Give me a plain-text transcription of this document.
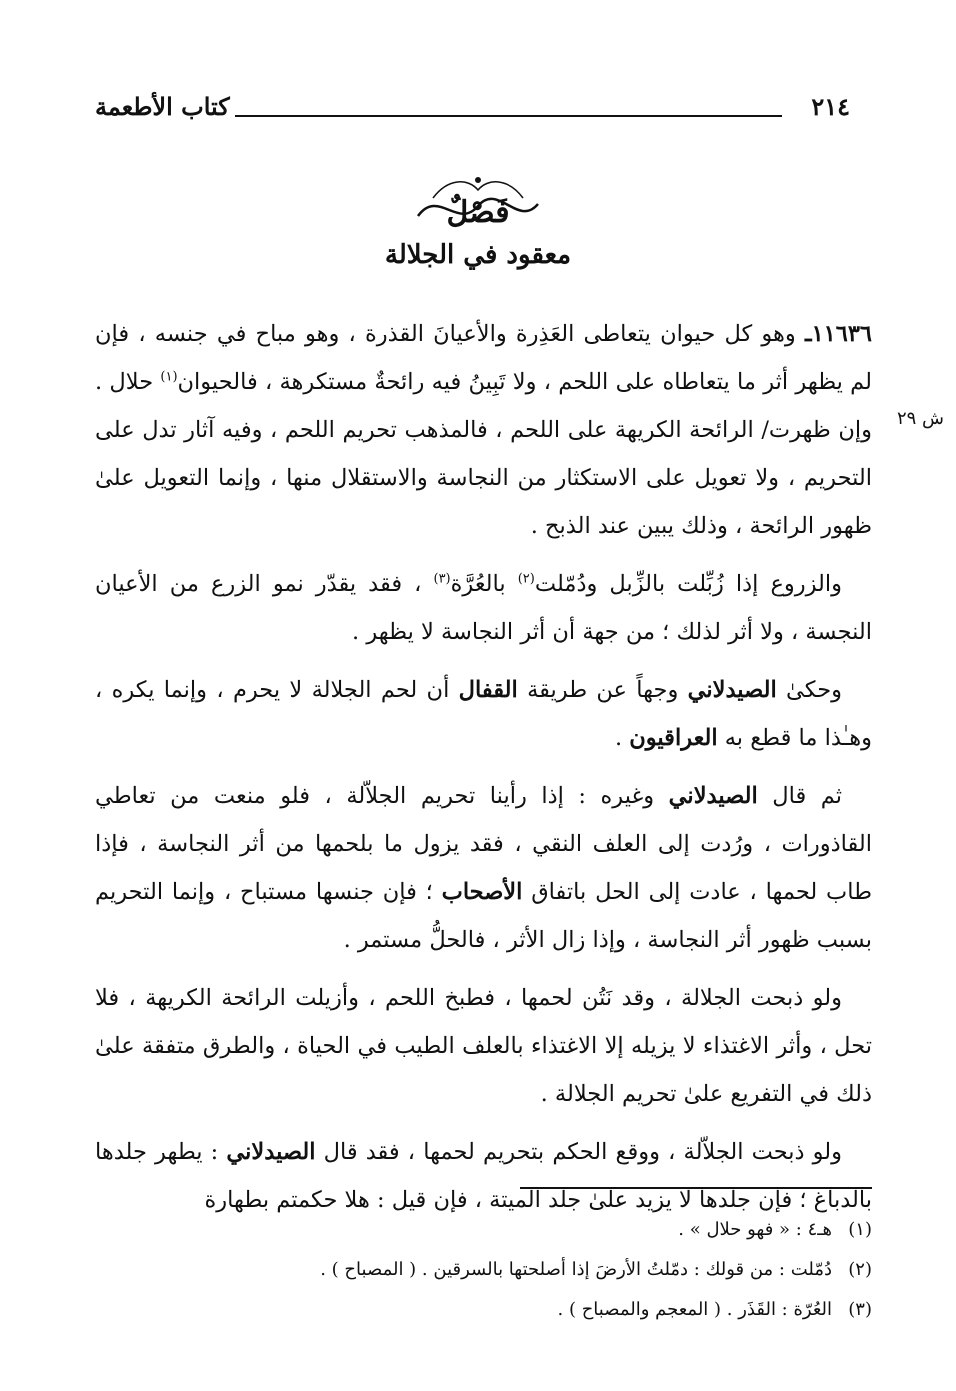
كتاب الأطعمة	٢١٤
فَصْلٌ
معقود في الجلالة
ش ٢٩

١١٦٣٦ـ وهو كل حيوان يتعاطى العَذِرة والأعيانَ القذرة ، وهو مباح في جنسه ، فإن لم يظهر أثر ما يتعاطاه على اللحم ، ولا تَبِينُ فيه رائحةٌ مستكرهة ، فالحيوان$^{(١)}$ حلال . وإن ظهرت/ الرائحة الكريهة على اللحم ، فالمذهب تحريم اللحم ، وفيه آثار تدل على التحريم ، ولا تعويل على الاستكثار من النجاسة والاستقلال منها ، وإنما التعويل علىٰ ظهور الرائحة ، وذلك يبين عند الذبح .

والزروع إذا زُبِّلت بالزِّبل ودُمّلت$^{(٢)}$ بالعُرَّة$^{(٣)}$ ، فقد يقدّر نمو الزرع من الأعيان النجسة ، ولا أثر لذلك ؛ من جهة أن أثر النجاسة لا يظهر .

وحكىٰ الصيدلاني وجهاً عن طريقة القفال أن لحم الجلالة لا يحرم ، وإنما يكره ، وهـٰذا ما قطع به العراقيون .

ثم قال الصيدلاني وغيره : إذا رأينا تحريم الجلاّلة ، فلو منعت من تعاطي القاذورات ، ورُدت إلى العلف النقي ، فقد يزول ما بلحمها من أثر النجاسة ، فإذا طاب لحمها ، عادت إلى الحل باتفاق الأصحاب ؛ فإن جنسها مستباح ، وإنما التحريم بسبب ظهور أثر النجاسة ، وإذا زال الأثر ، فالحلُّ مستمر .

ولو ذبحت الجلالة ، وقد نَتُن لحمها ، فطبخ اللحم ، وأزيلت الرائحة الكريهة ، فلا تحل ، وأثر الاغتذاء لا يزيله إلا الاغتذاء بالعلف الطيب في الحياة ، والطرق متفقة علىٰ ذلك في التفريع علىٰ تحريم الجلالة .

ولو ذبحت الجلاّلة ، ووقع الحكم بتحريم لحمها ، فقد قال الصيدلاني : يطهر جلدها بالدباغ ؛ فإن جلدها لا يزيد علىٰ جلد الميتة ، فإن قيل : هلا حكمتم بطهارة

(١)هـ٤ : « فهو حلال » .
(٢)دُمّلت : من قولك : دمّلتُ الأرضَ إذا أصلحتها بالسرقين . ( المصباح ) .
(٣)العُرّة : القَذَر . ( المعجم والمصباح ) .
